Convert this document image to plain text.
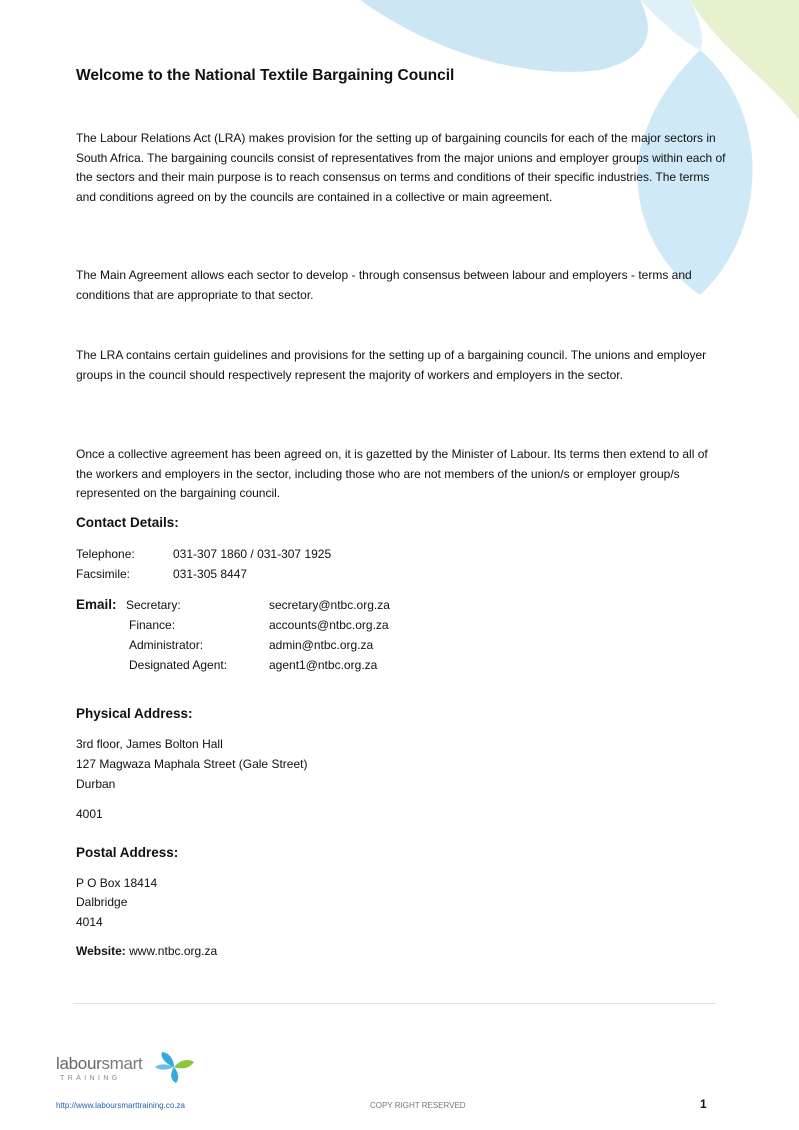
Welcome to the National Textile Bargaining Council

The Labour Relations Act (LRA) makes provision for the setting up of bargaining councils for each of the major sectors in South Africa. The bargaining councils consist of representatives from the major unions and employer groups within each of the sectors and their main purpose is to reach consensus on terms and conditions of their specific industries. The terms and conditions agreed on by the councils are contained in a collective or main agreement.

The Main Agreement allows each sector to develop - through consensus between labour and employers - terms and conditions that are appropriate to that sector.

The LRA contains certain guidelines and provisions for the setting up of a bargaining council. The unions and employer groups in the council should respectively represent the majority of workers and employers in the sector.

Once a collective agreement has been agreed on, it is gazetted by the Minister of Labour. Its terms then extend to all of the workers and employers in the sector, including those who are not members of the union/s or employer group/s represented on the bargaining council.

Contact Details:
Telephone:	031-307 1860 / 031-307 1925
Facsimile:	031-305 8447
Email: Secretary:	secretary@ntbc.org.za
Finance:	accounts@ntbc.org.za
Administrator:	admin@ntbc.org.za
Designated Agent:	agent1@ntbc.org.za
Physical Address:
3rd floor, James Bolton Hall
127 Magwaza Maphala Street (Gale Street)
Durban
4001
Postal Address:
P O Box 18414
Dalbridge
4014
Website: www.ntbc.org.za
laboursmart
TRAINING
http://www.laboursmarttraining.co.za	COPY RIGHT RESERVED	1
